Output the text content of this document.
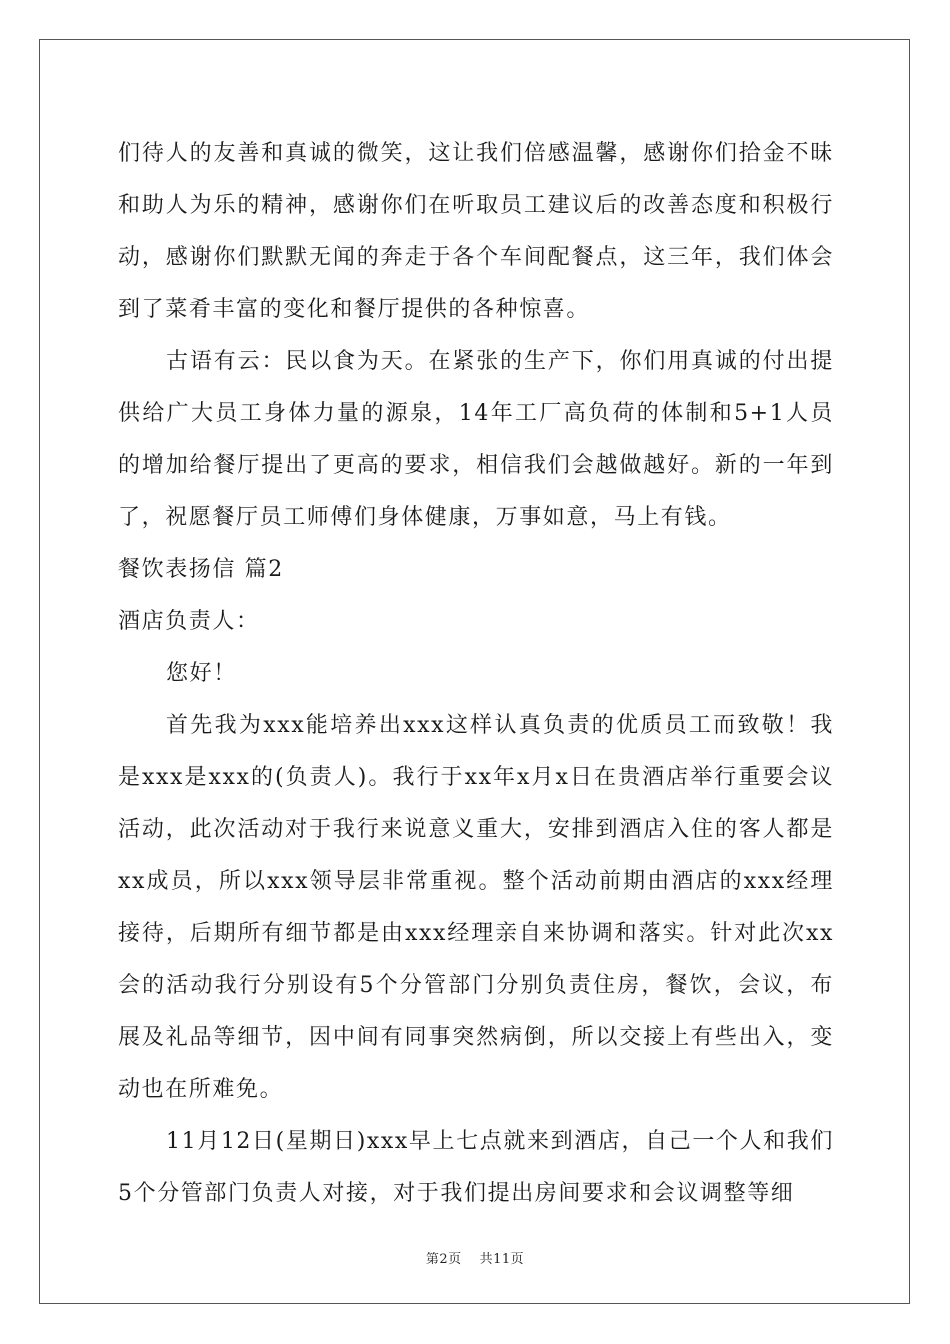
们待人的友善和真诚的微笑，这让我们倍感温馨，感谢你们拾金不昧和助人为乐的精神，感谢你们在听取员工建议后的改善态度和积极行动，感谢你们默默无闻的奔走于各个车间配餐点，这三年，我们体会到了菜肴丰富的变化和餐厅提供的各种惊喜。

古语有云：民以食为天。在紧张的生产下，你们用真诚的付出提供给广大员工身体力量的源泉，14年工厂高负荷的体制和5+1人员的增加给餐厅提出了更高的要求，相信我们会越做越好。新的一年到了，祝愿餐厅员工师傅们身体健康，万事如意，马上有钱。

餐饮表扬信 篇2

酒店负责人：

您好！

首先我为xxx能培养出xxx这样认真负责的优质员工而致敬！我是xxx是xxx的(负责人)。我行于xx年x月x日在贵酒店举行重要会议活动，此次活动对于我行来说意义重大，安排到酒店入住的客人都是xx成员，所以xxx领导层非常重视。整个活动前期由酒店的xxx经理接待，后期所有细节都是由xxx经理亲自来协调和落实。针对此次xx会的活动我行分别设有5个分管部门分别负责住房，餐饮，会议，布展及礼品等细节，因中间有同事突然病倒，所以交接上有些出入，变动也在所难免。

11月12日(星期日)xxx早上七点就来到酒店，自己一个人和我们5个分管部门负责人对接，对于我们提出房间要求和会议调整等细

第2页 共11页
